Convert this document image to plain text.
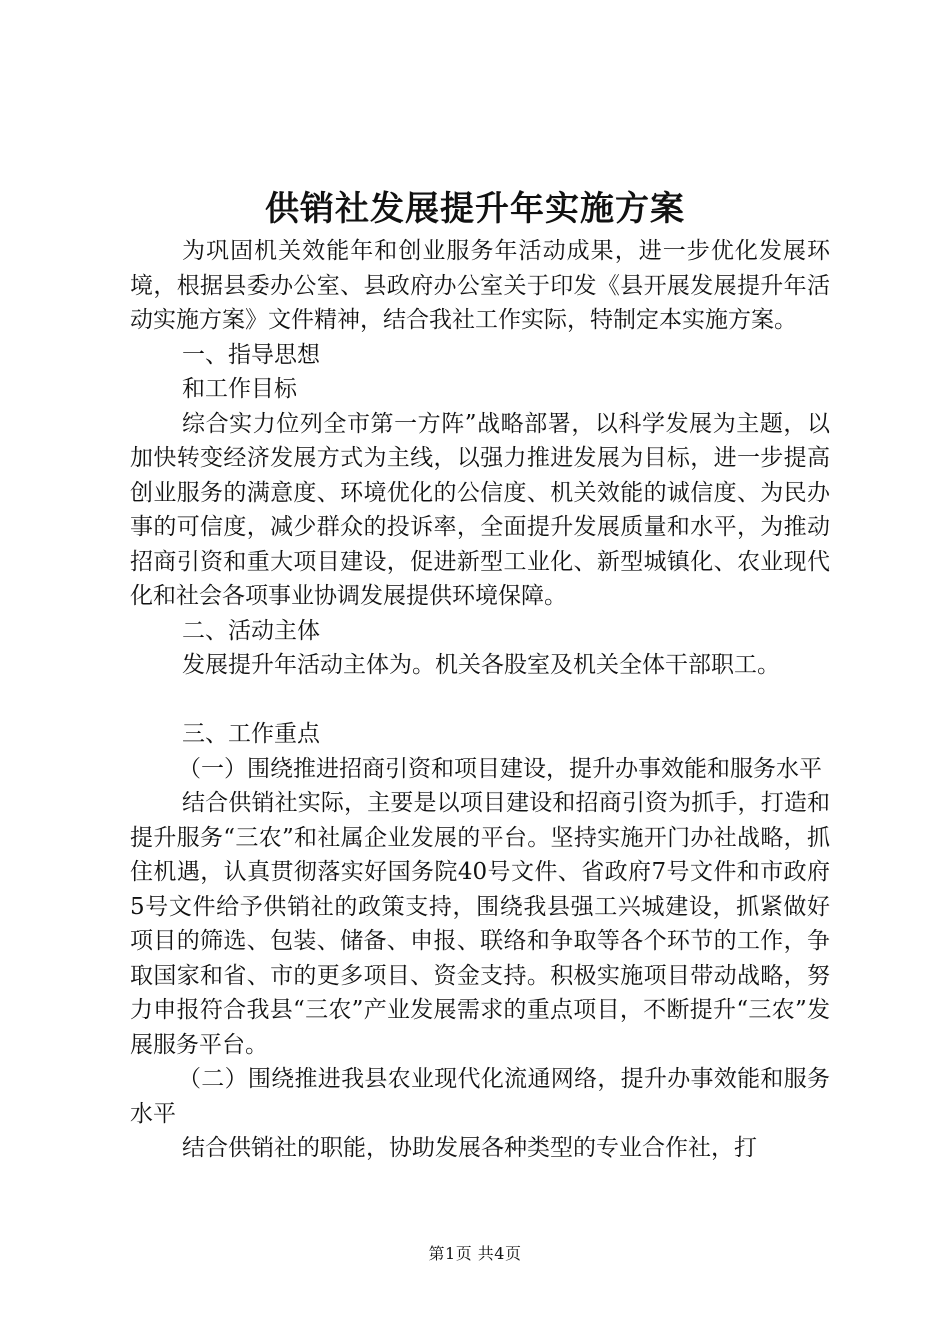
供销社发展提升年实施方案

为巩固机关效能年和创业服务年活动成果，进一步优化发展环境，根据县委办公室、县政府办公室关于印发《县开展发展提升年活动实施方案》文件精神，结合我社工作实际，特制定本实施方案。

一、指导思想

和工作目标

综合实力位列全市第一方阵”战略部署，以科学发展为主题，以加快转变经济发展方式为主线，以强力推进发展为目标，进一步提高创业服务的满意度、环境优化的公信度、机关效能的诚信度、为民办事的可信度，减少群众的投诉率，全面提升发展质量和水平，为推动招商引资和重大项目建设，促进新型工业化、新型城镇化、农业现代化和社会各项事业协调发展提供环境保障。

二、活动主体

发展提升年活动主体为。机关各股室及机关全体干部职工。

三、工作重点

（一）围绕推进招商引资和项目建设，提升办事效能和服务水平

结合供销社实际，主要是以项目建设和招商引资为抓手，打造和提升服务“三农”和社属企业发展的平台。坚持实施开门办社战略，抓住机遇，认真贯彻落实好国务院40号文件、省政府7号文件和市政府5号文件给予供销社的政策支持，围绕我县强工兴城建设，抓紧做好项目的筛选、包装、储备、申报、联络和争取等各个环节的工作，争取国家和省、市的更多项目、资金支持。积极实施项目带动战略，努力申报符合我县“三农”产业发展需求的重点项目，不断提升“三农”发展服务平台。

（二）围绕推进我县农业现代化流通网络，提升办事效能和服务水平

结合供销社的职能，协助发展各种类型的专业合作社，打

第1页 共4页
